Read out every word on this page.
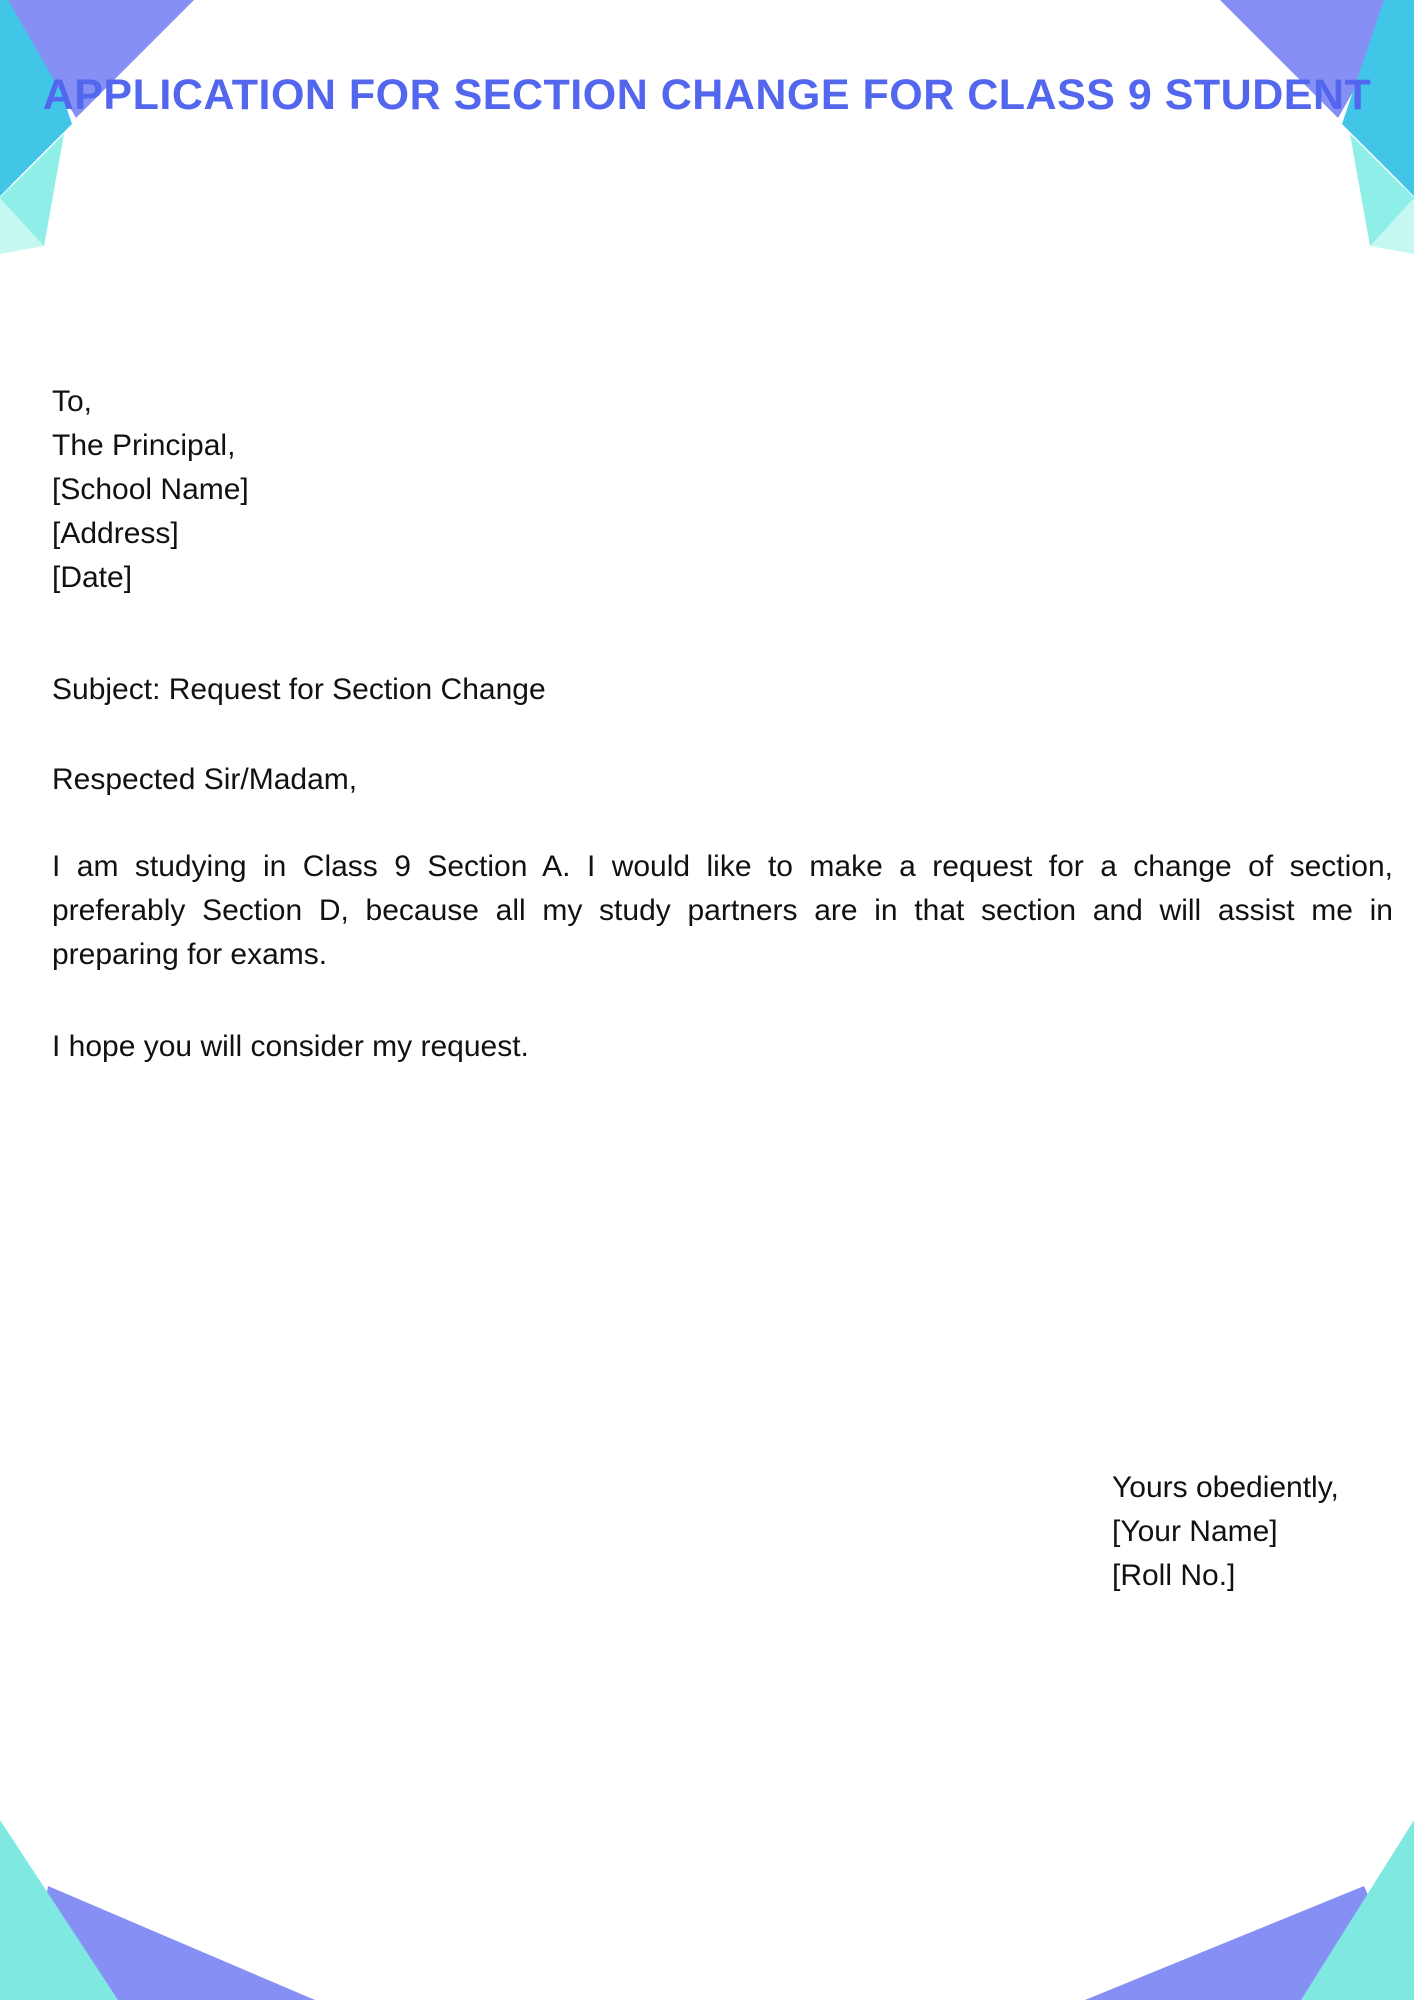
APPLICATION FOR SECTION CHANGE FOR CLASS 9 STUDENT
To,
The Principal,
[School Name]
[Address]
[Date]
Subject: Request for Section Change
Respected Sir/Madam,
I am studying in Class 9 Section A. I would like to make a request for a change of section,
preferably Section D, because all my study partners are in that section and will assist me in
preparing for exams.
I hope you will consider my request.
Yours obediently,
[Your Name]
[Roll No.]
